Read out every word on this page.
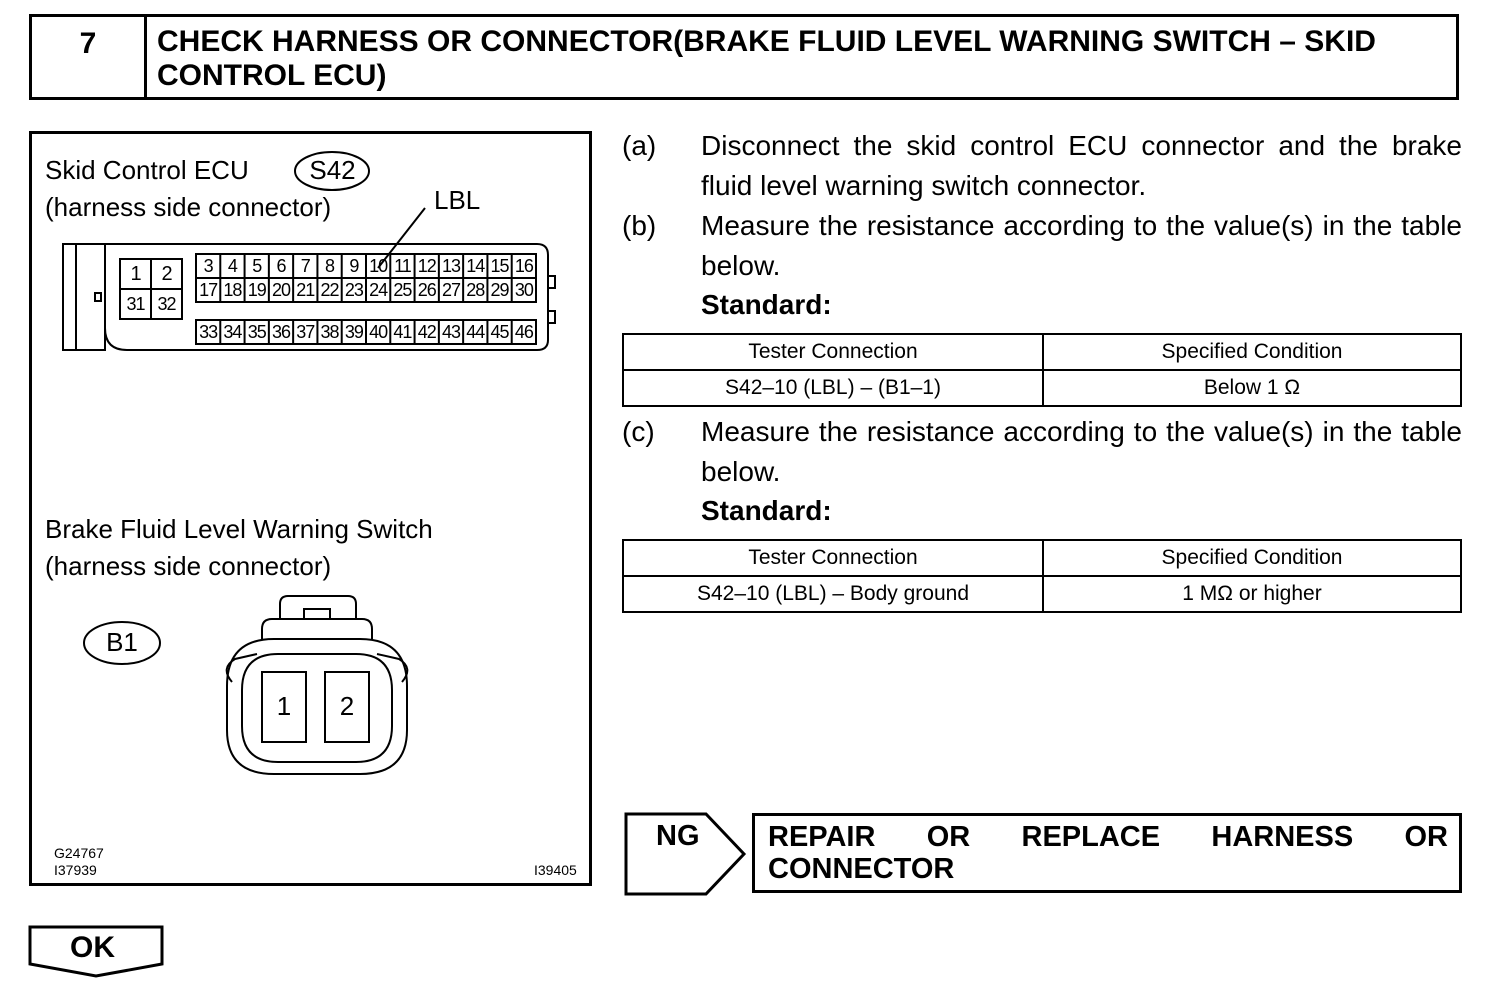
7	CHECK HARNESS OR CONNECTOR(BRAKE FLUID LEVEL WARNING SWITCH – SKID CONTROL ECU)
Skid Control ECU	S42
(harness side connector)	LBL
3 4 5 6 7 8 9 10 11 12 13 14 15 16
17 18 19 20 21 22 23 24 25 26 27 28 29 30
33 34 35 36 37 38 39 40 41 42 43 44 45 46
1	2
31 32
Brake Fluid Level Warning Switch
(harness side connector)
B1
1	2
G24767
I37939	I39405
(a) Disconnect the skid control ECU connector and the brake fluid level warning switch connector.
(b) Measure the resistance according to the value(s) in the table below.
Standard:
Tester Connection	Specified Condition
S42–10 (LBL) – (B1–1)	Below 1 Ω
(c) Measure the resistance according to the value(s) in the table below.
Standard:
Tester Connection	Specified Condition
S42–10 (LBL) – Body ground	1 MΩ or higher
NG REPAIR OR REPLACE HARNESS OR CONNECTOR
OK
